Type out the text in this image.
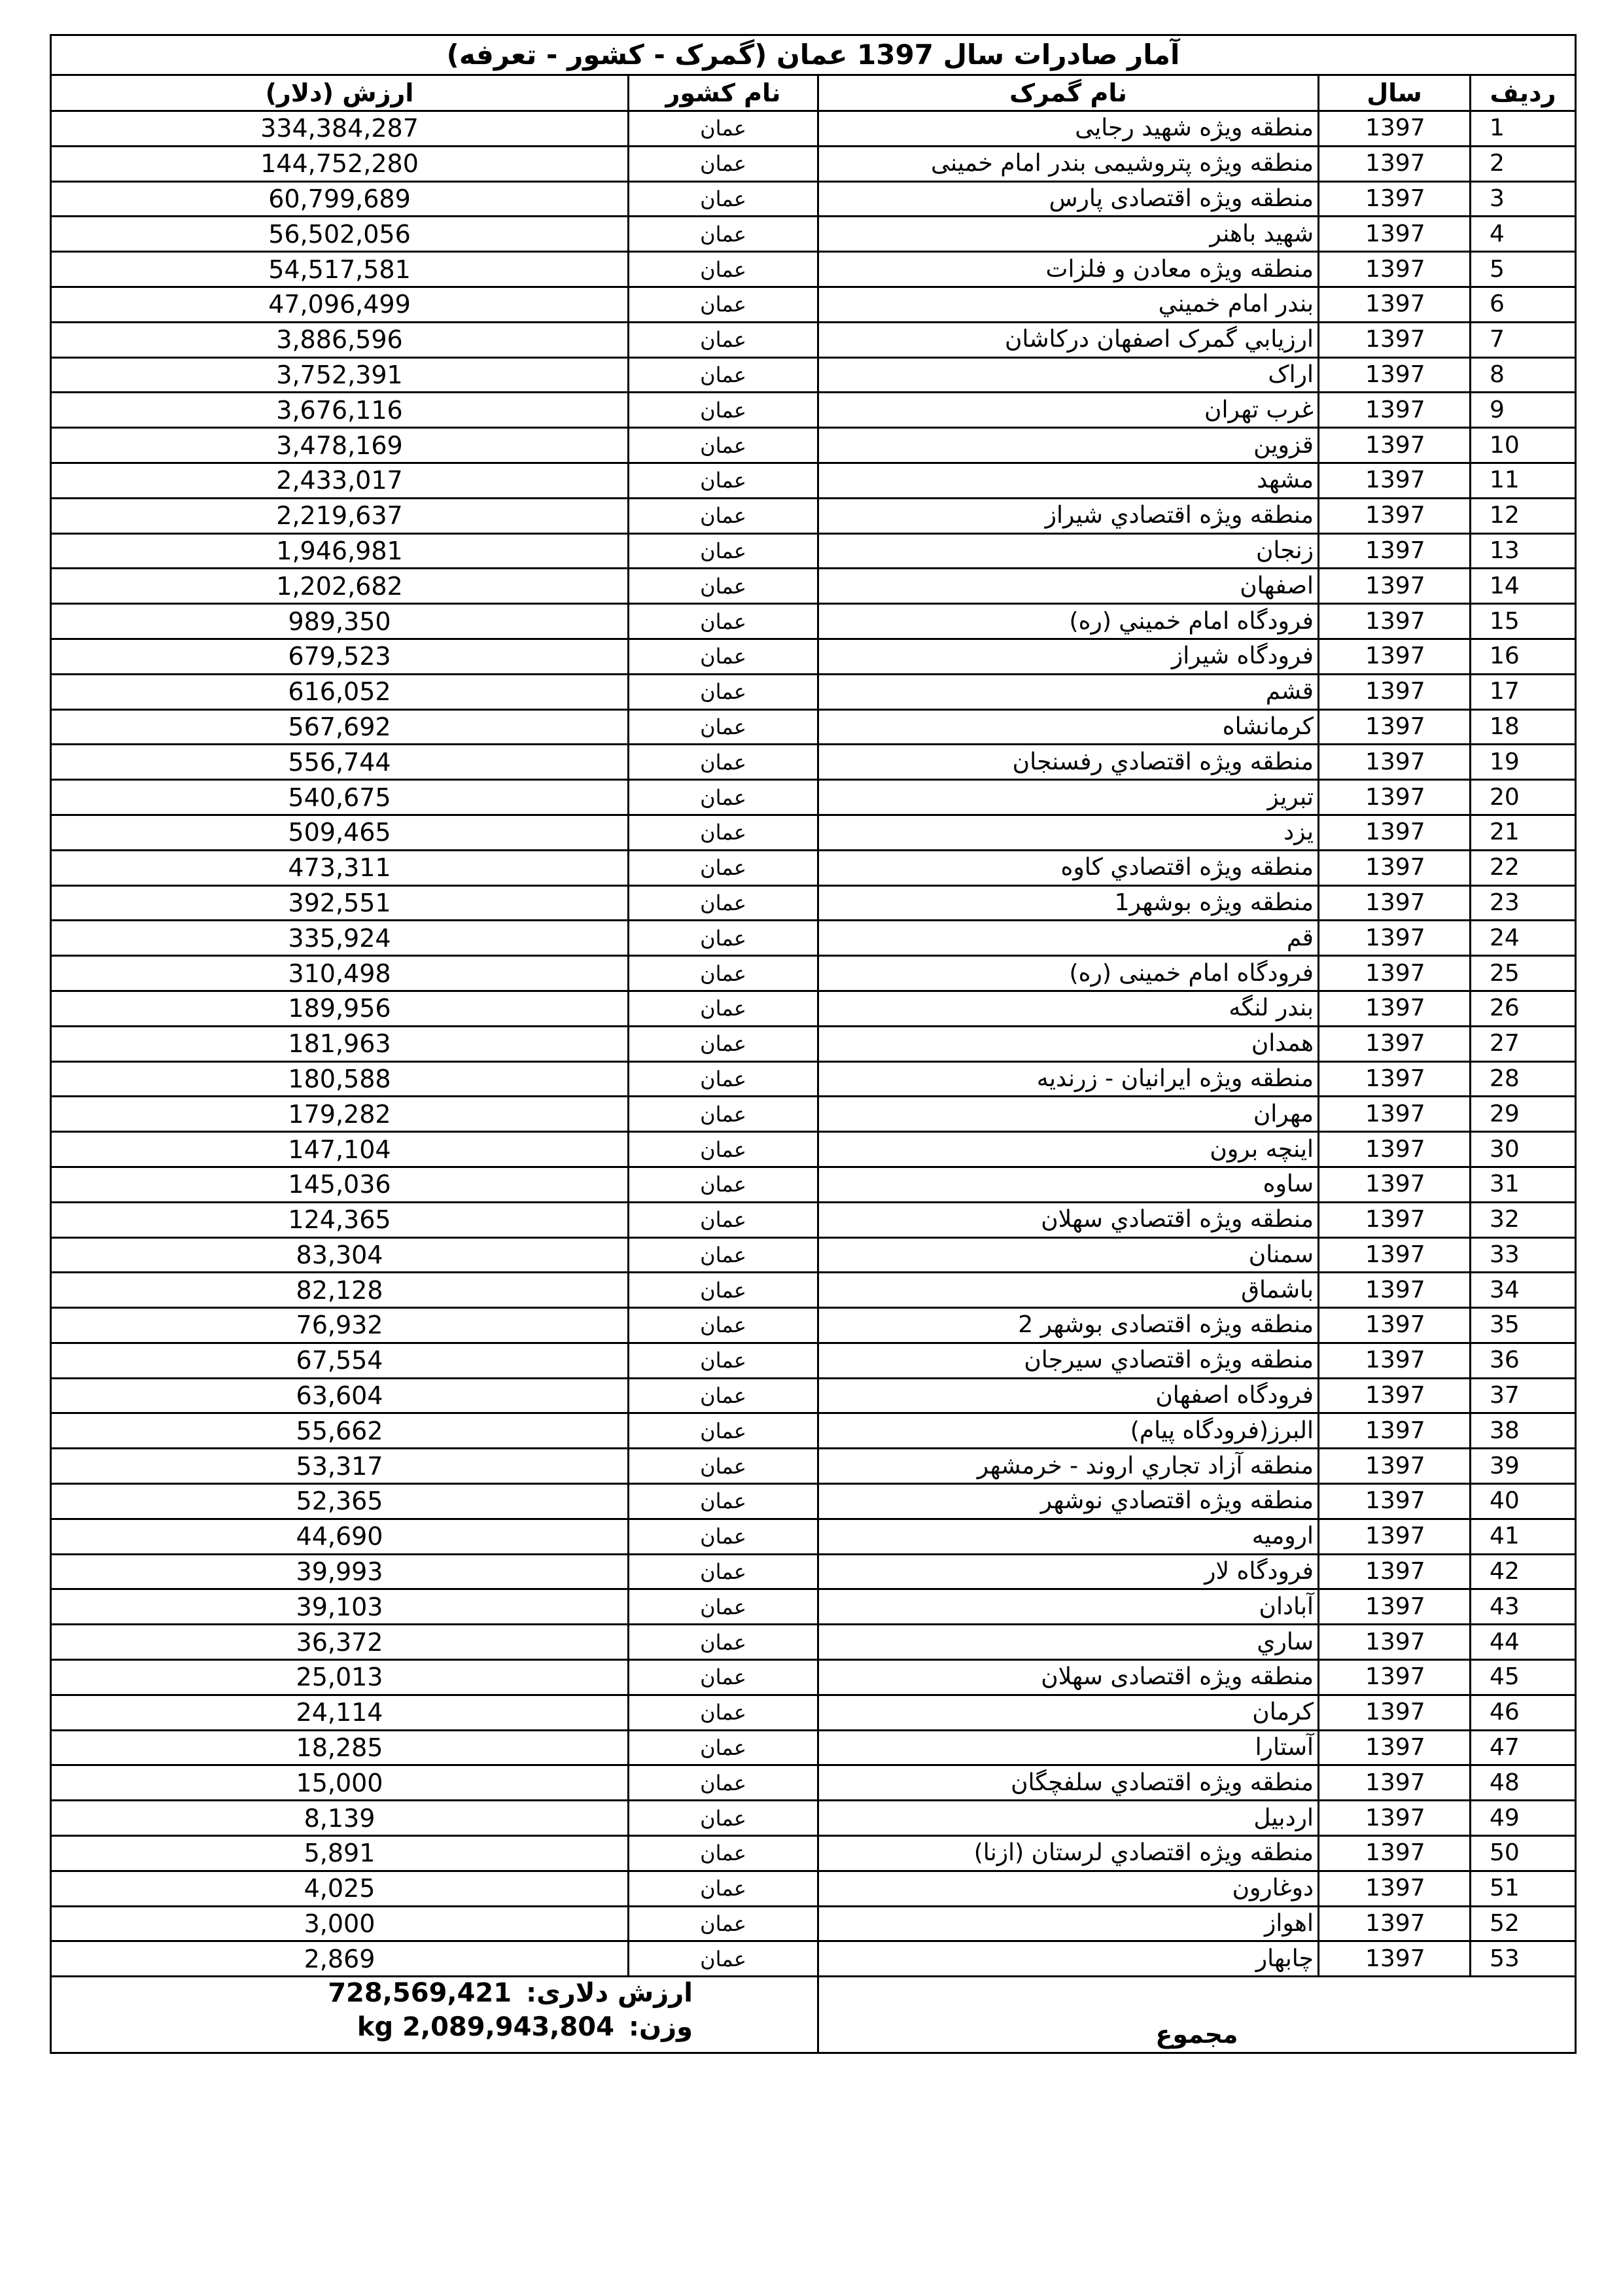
آمار صادرات سال 1397 عمان (گمرک - کشور - تعرفه)				
ردیف	سال	نام گمرک	نام کشور	ارزش (دلار)
1	1397	منطقه ویژه شهید رجایی	عمان	334,384,287
2	1397	منطقه ویژه پتروشیمی بندر امام خمینی	عمان	144,752,280
3	1397	منطقه ویژه اقتصادی پارس	عمان	60,799,689
4	1397	شهید باهنر	عمان	56,502,056
5	1397	منطقه ویژه معادن و فلزات	عمان	54,517,581
6	1397	بندر امام خميني	عمان	47,096,499
7	1397	ارزيابي گمرک اصفهان درکاشان	عمان	3,886,596
8	1397	اراک	عمان	3,752,391
9	1397	غرب تهران	عمان	3,676,116
10	1397	قزوين	عمان	3,478,169
11	1397	مشهد	عمان	2,433,017
12	1397	منطقه ويژه اقتصادي شيراز	عمان	2,219,637
13	1397	زنجان	عمان	1,946,981
14	1397	اصفهان	عمان	1,202,682
15	1397	فرودگاه امام خميني (ره)	عمان	989,350
16	1397	فرودگاه شيراز	عمان	679,523
17	1397	قشم	عمان	616,052
18	1397	کرمانشاه	عمان	567,692
19	1397	منطقه ويژه اقتصادي رفسنجان	عمان	556,744
20	1397	تبريز	عمان	540,675
21	1397	يزد	عمان	509,465
22	1397	منطقه ويژه اقتصادي کاوه	عمان	473,311
23	1397	منطقه ويژه بوشهر1	عمان	392,551
24	1397	قم	عمان	335,924
25	1397	فرودگاه امام خمینی (ره)	عمان	310,498
26	1397	بندر لنگه	عمان	189,956
27	1397	همدان	عمان	181,963
28	1397	منطقه ویژه ایرانیان - زرندیه	عمان	180,588
29	1397	مهران	عمان	179,282
30	1397	اينچه برون	عمان	147,104
31	1397	ساوه	عمان	145,036
32	1397	منطقه ويژه اقتصادي سهلان	عمان	124,365
33	1397	سمنان	عمان	83,304
34	1397	باشماق	عمان	82,128
35	1397	منطقه ویژه اقتصادی بوشهر 2	عمان	76,932
36	1397	منطقه ويژه اقتصادي سيرجان	عمان	67,554
37	1397	فرودگاه اصفهان	عمان	63,604
38	1397	البرز(فرودگاه پیام)	عمان	55,662
39	1397	منطقه آزاد تجاري اروند - خرمشهر	عمان	53,317
40	1397	منطقه ويژه اقتصادي نوشهر	عمان	52,365
41	1397	اروميه	عمان	44,690
42	1397	فرودگاه لار	عمان	39,993
43	1397	آبادان	عمان	39,103
44	1397	ساري	عمان	36,372
45	1397	منطقه ویژه اقتصادی سهلان	عمان	25,013
46	1397	کرمان	عمان	24,114
47	1397	آستارا	عمان	18,285
48	1397	منطقه ويژه اقتصادي سلفچگان	عمان	15,000
49	1397	اردبيل	عمان	8,139
50	1397	منطقه ويژه اقتصادي لرستان (ازنا)	عمان	5,891
51	1397	دوغارون	عمان	4,025
52	1397	اهواز	عمان	3,000
53	1397	چابهار	عمان	2,869
مجموع			ارزش دلاری:
728,569,421
وزن:
kg 2,089,943,804	
